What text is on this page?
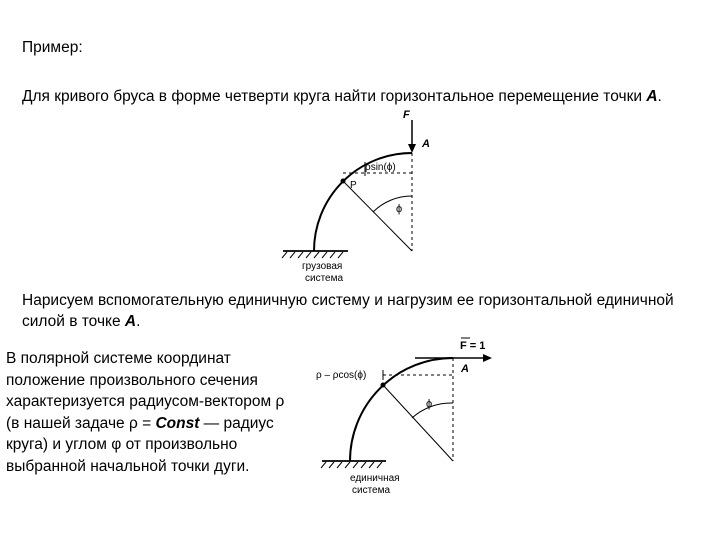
Пример:
Для кривого бруса в форме четверти круга найти горизонтальное перемещение точки A.
Нарисуем вспомогательную единичную систему и нагрузим ее горизонтальной единичной силой в точке A.
В полярной системе координат положение произвольного сечения характеризуется радиусом-вектором ρ (в нашей задаче ρ = Const — радиус круга) и углом φ от произвольно выбранной начальной точки дуги.
F
A
ρsin(ϕ)
P
ϕ
грузовая
система
F = 1
A
ρ – ρcos(ϕ)
ϕ
единичная
система
